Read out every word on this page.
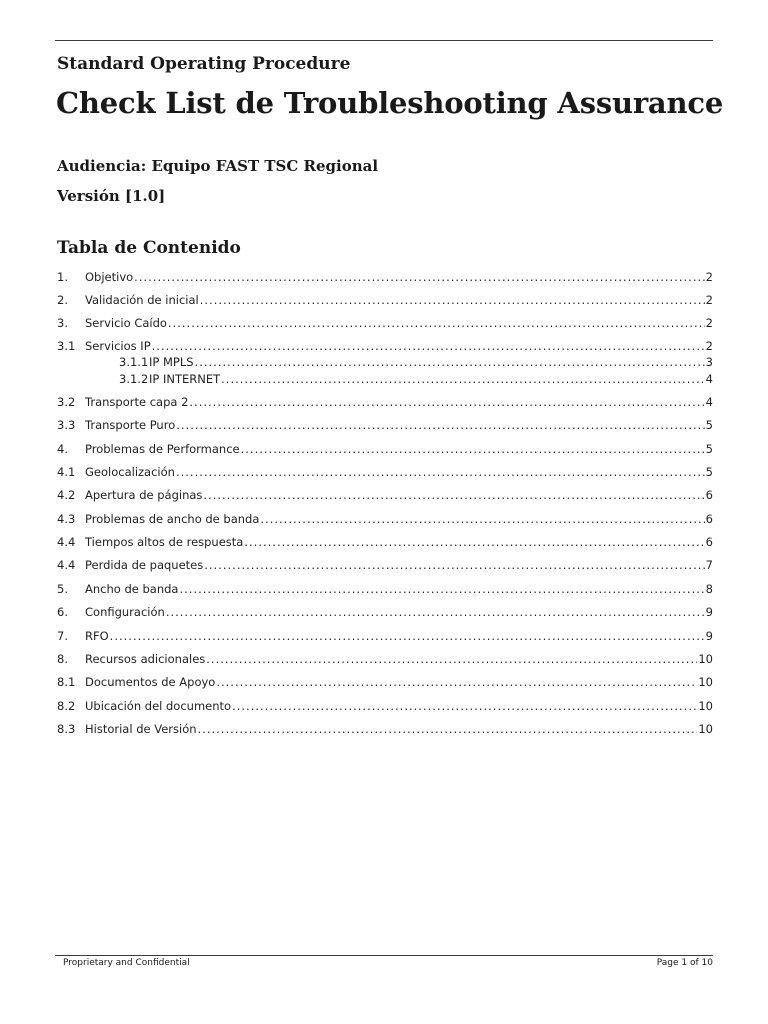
Standard Operating Procedure
Check List de Troubleshooting Assurance
Audiencia: Equipo FAST TSC Regional
Versión [1.0]
Tabla de Contenido
1.	Objetivo .....	2
2.	Validación de inicial .....	2
3.	Servicio Caído .....	2
3.1 Servicios IP .....	2
3.1.1 IP MPLS .....	3
3.1.2 IP INTERNET .....	4
3.2 Transporte capa 2 .....	4
3.3 Transporte Puro .....	5
4.	Problemas de Performance .....	5
4.1 Geolocalización .....	5
4.2 Apertura de páginas .....	6
4.3 Problemas de ancho de banda .....	6
4.4 Tiempos altos de respuesta .....	6
4.4 Perdida de paquetes .....	7
5.	Ancho de banda .....	8
6.	Configuración .....	9
7.	RFO .....	9
8.	Recursos adicionales .....	10
8.1 Documentos de Apoyo .....	10
8.2 Ubicación del documento .....	10
8.3 Historial de Versión .....	10
Proprietary and Confidential	Page 1 of 10
